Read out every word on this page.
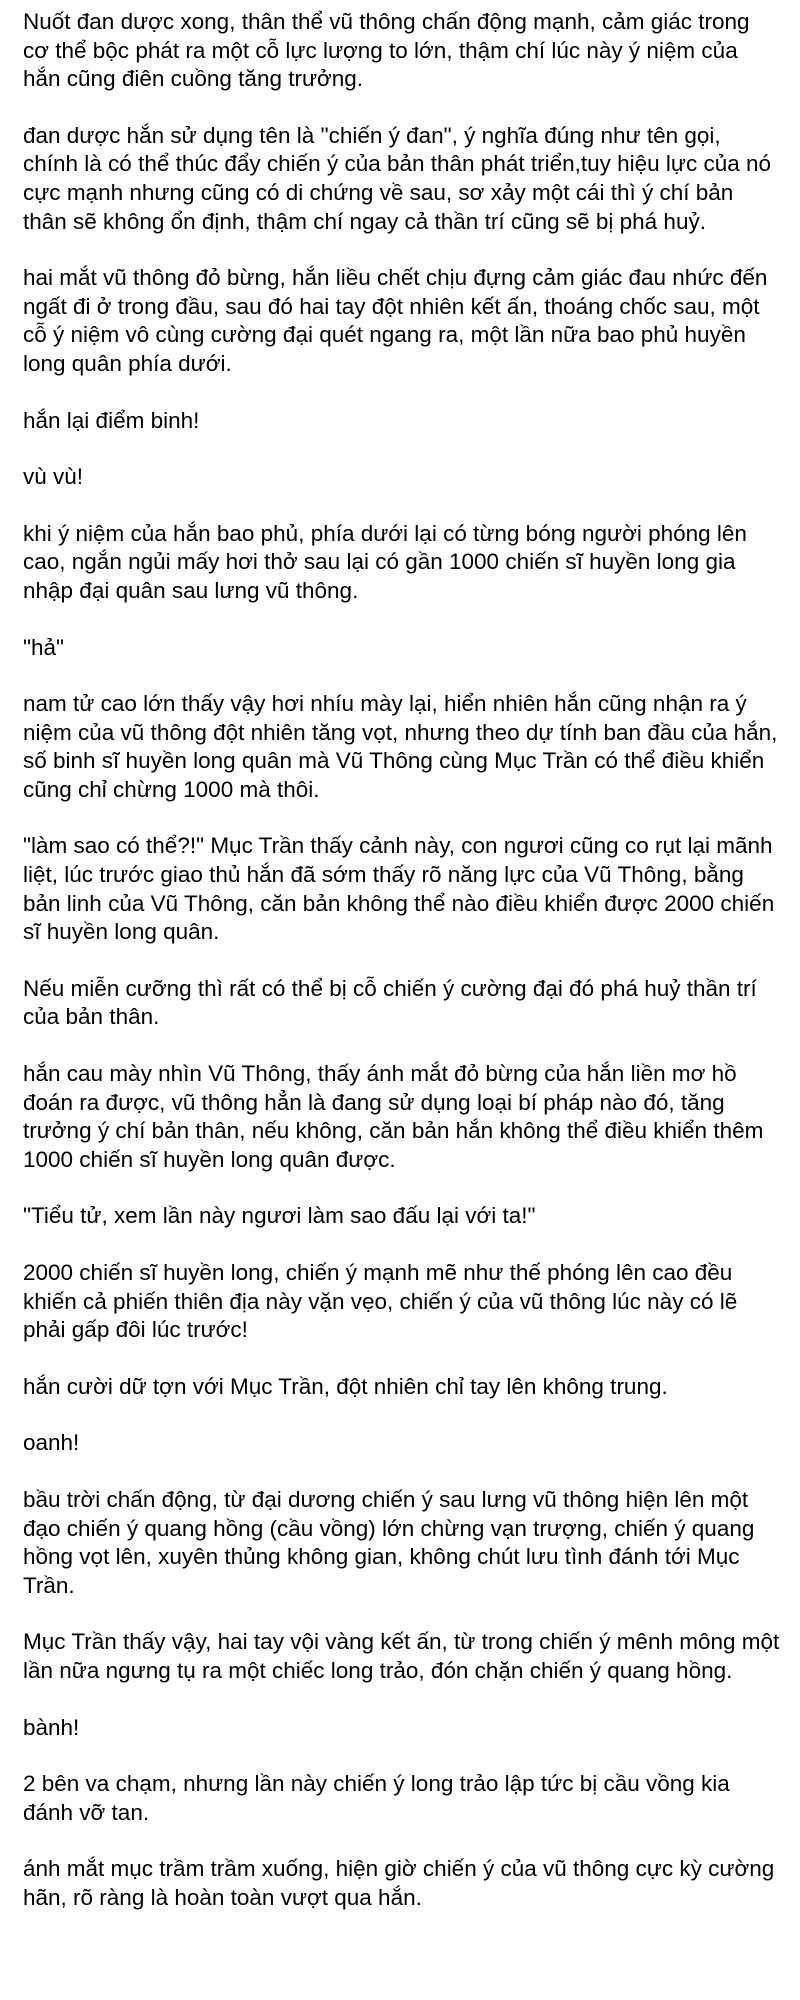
Nuốt đan dược xong, thân thể vũ thông chấn động mạnh, cảm giác trong cơ thể bộc phát ra một cỗ lực lượng to lớn, thậm chí lúc này ý niệm của hắn cũng điên cuồng tăng trưởng.

đan dược hắn sử dụng tên là "chiến ý đan", ý nghĩa đúng như tên gọi, chính là có thể thúc đẩy chiến ý của bản thân phát triển,tuy hiệu lực của nó cực mạnh nhưng cũng có di chứng về sau, sơ xảy một cái thì ý chí bản thân sẽ không ổn định, thậm chí ngay cả thần trí cũng sẽ bị phá huỷ.

hai mắt vũ thông đỏ bừng, hắn liều chết chịu đựng cảm giác đau nhức đến ngất đi ở trong đầu, sau đó hai tay đột nhiên kết ấn, thoáng chốc sau, một cỗ ý niệm vô cùng cường đại quét ngang ra, một lần nữa bao phủ huyền long quân phía dưới.

hắn lại điểm binh!

vù vù!

khi ý niệm của hắn bao phủ, phía dưới lại có từng bóng người phóng lên cao, ngắn ngủi mấy hơi thở sau lại có gần 1000 chiến sĩ huyền long gia nhập đại quân sau lưng vũ thông.

"hả"

nam tử cao lớn thấy vậy hơi nhíu mày lại, hiển nhiên hắn cũng nhận ra ý niệm của vũ thông đột nhiên tăng vọt, nhưng theo dự tính ban đầu của hắn, số binh sĩ huyền long quân mà Vũ Thông cùng Mục Trần có thể điều khiển cũng chỉ chừng 1000 mà thôi.

"làm sao có thể?!" Mục Trần thấy cảnh này, con ngươi cũng co rụt lại mãnh liệt, lúc trước giao thủ hắn đã sớm thấy rõ năng lực của Vũ Thông, bằng bản linh của Vũ Thông, căn bản không thể nào điều khiển được 2000 chiến sĩ huyền long quân.

Nếu miễn cưỡng thì rất có thể bị cỗ chiến ý cường đại đó phá huỷ thần trí của bản thân.

hắn cau mày nhìn Vũ Thông, thấy ánh mắt đỏ bừng của hắn liền mơ hồ đoán ra được, vũ thông hẳn là đang sử dụng loại bí pháp nào đó, tăng trưởng ý chí bản thân, nếu không, căn bản hắn không thể điều khiển thêm 1000 chiến sĩ huyền long quân được.

"Tiểu tử, xem lần này ngươi làm sao đấu lại với ta!"

2000 chiến sĩ huyền long, chiến ý mạnh mẽ như thế phóng lên cao đều khiến cả phiến thiên địa này vặn vẹo, chiến ý của vũ thông lúc này có lẽ phải gấp đôi lúc trước!

hắn cười dữ tợn với Mục Trần, đột nhiên chỉ tay lên không trung.

oanh!

bầu trời chấn động, từ đại dương chiến ý sau lưng vũ thông hiện lên một đạo chiến ý quang hồng (cầu vồng) lớn chừng vạn trượng, chiến ý quang hồng vọt lên, xuyên thủng không gian, không chút lưu tình đánh tới Mục Trần.

Mục Trần thấy vậy, hai tay vội vàng kết ấn, từ trong chiến ý mênh mông một lần nữa ngưng tụ ra một chiếc long trảo, đón chặn chiến ý quang hồng.

bành!

2 bên va chạm, nhưng lần này chiến ý long trảo lập tức bị cầu vồng kia đánh vỡ tan.

ánh mắt mục trầm trầm xuống, hiện giờ chiến ý của vũ thông cực kỳ cường hãn, rõ ràng là hoàn toàn vượt qua hắn.
